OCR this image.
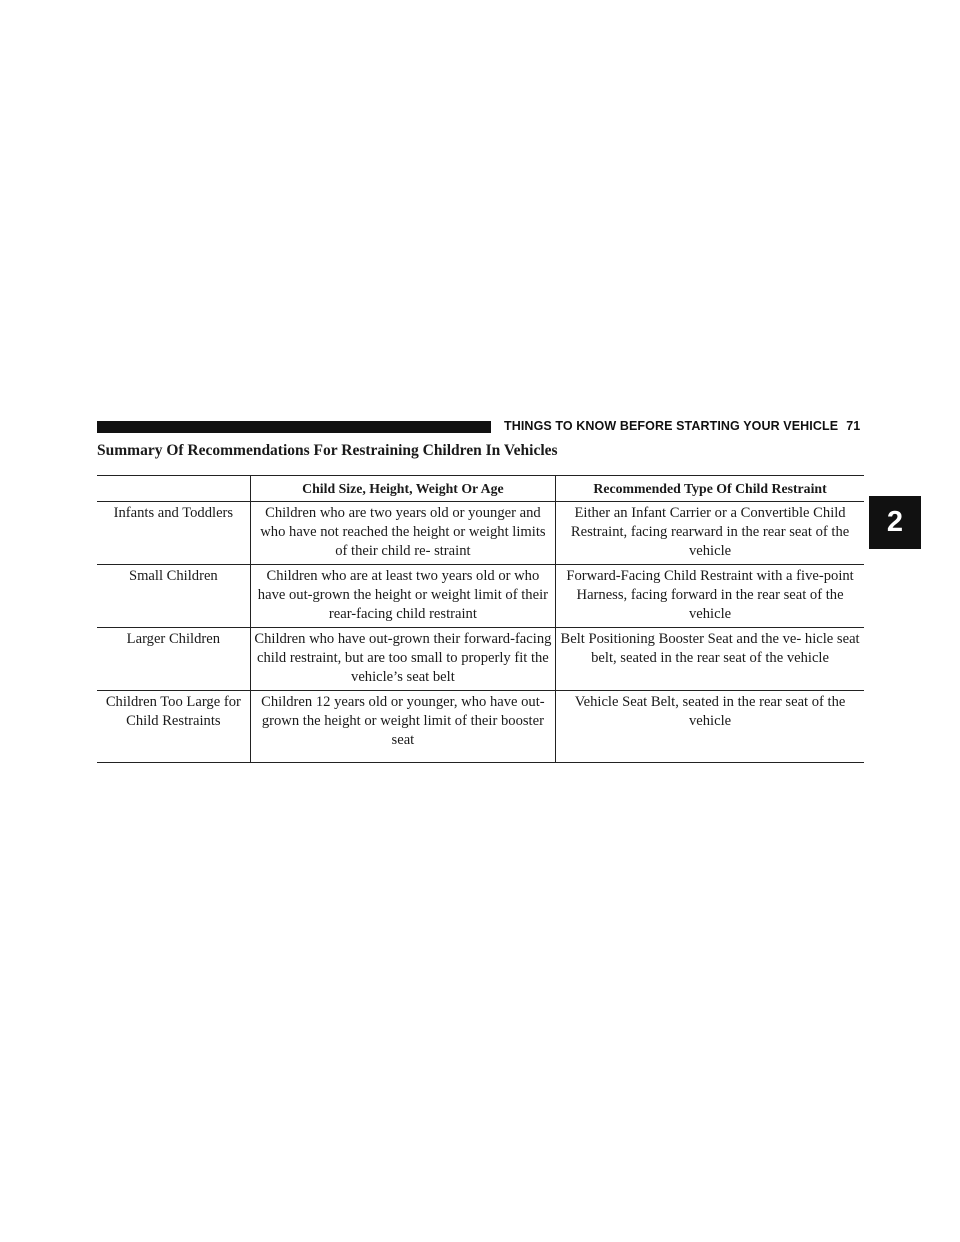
THINGS TO KNOW BEFORE STARTING YOUR VEHICLE 71
2
Summary Of Recommendations For Restraining Children In Vehicles
	Child Size, Height, Weight Or Age	Recommended Type Of Child Restraint
Infants and Toddlers	Children who are two years old or younger and who have not reached the height or weight limits of their child re- straint	Either an Infant Carrier or a Convertible Child Restraint, facing rearward in the rear seat of the vehicle
Small Children	Children who are at least two years old or who have out-grown the height or weight limit of their rear-facing child restraint	Forward-Facing Child Restraint with a five-point Harness, facing forward in the rear seat of the vehicle
Larger Children	Children who have out-grown their forward-facing child restraint, but are too small to properly fit the vehicle’s seat belt	Belt Positioning Booster Seat and the ve- hicle seat belt, seated in the rear seat of the vehicle
Children Too Large for Child Restraints	Children 12 years old or younger, who have out-grown the height or weight limit of their booster seat	Vehicle Seat Belt, seated in the rear seat of the vehicle
